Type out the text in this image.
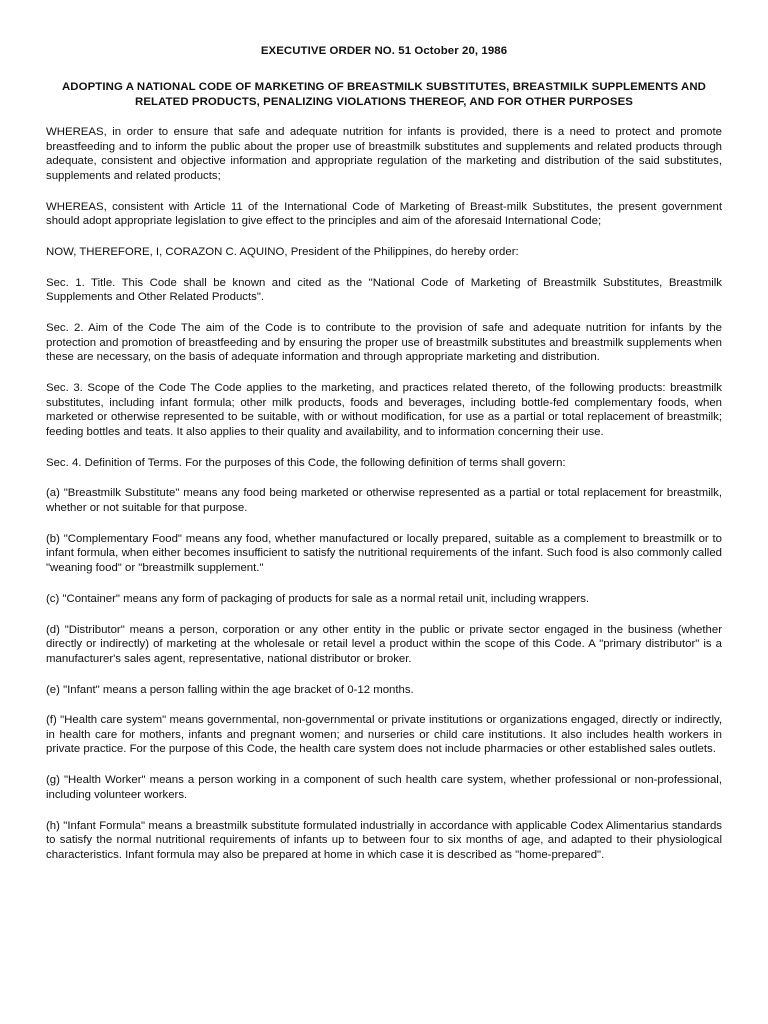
EXECUTIVE ORDER NO. 51 October 20, 1986
ADOPTING A NATIONAL CODE OF MARKETING OF BREASTMILK SUBSTITUTES, BREASTMILK SUPPLEMENTS AND RELATED PRODUCTS, PENALIZING VIOLATIONS THEREOF, AND FOR OTHER PURPOSES

WHEREAS, in order to ensure that safe and adequate nutrition for infants is provided, there is a need to protect and promote breastfeeding and to inform the public about the proper use of breastmilk substitutes and supplements and related products through adequate, consistent and objective information and appropriate regulation of the marketing and distribution of the said substitutes, supplements and related products;

WHEREAS, consistent with Article 11 of the International Code of Marketing of Breast-milk Substitutes, the present government should adopt appropriate legislation to give effect to the principles and aim of the aforesaid International Code;

NOW, THEREFORE, I, CORAZON C. AQUINO, President of the Philippines, do hereby order:

Sec. 1. Title. This Code shall be known and cited as the "National Code of Marketing of Breastmilk Substitutes, Breastmilk Supplements and Other Related Products".

Sec. 2. Aim of the Code The aim of the Code is to contribute to the provision of safe and adequate nutrition for infants by the protection and promotion of breastfeeding and by ensuring the proper use of breastmilk substitutes and breastmilk supplements when these are necessary, on the basis of adequate information and through appropriate marketing and distribution.

Sec. 3. Scope of the Code The Code applies to the marketing, and practices related thereto, of the following products: breastmilk substitutes, including infant formula; other milk products, foods and beverages, including bottle-fed complementary foods, when marketed or otherwise represented to be suitable, with or without modification, for use as a partial or total replacement of breastmilk; feeding bottles and teats. It also applies to their quality and availability, and to information concerning their use.

Sec. 4. Definition of Terms. For the purposes of this Code, the following definition of terms shall govern:

(a) "Breastmilk Substitute" means any food being marketed or otherwise represented as a partial or total replacement for breastmilk, whether or not suitable for that purpose.

(b) "Complementary Food" means any food, whether manufactured or locally prepared, suitable as a complement to breastmilk or to infant formula, when either becomes insufficient to satisfy the nutritional requirements of the infant. Such food is also commonly called "weaning food" or "breastmilk supplement."

(c) "Container" means any form of packaging of products for sale as a normal retail unit, including wrappers.

(d) "Distributor" means a person, corporation or any other entity in the public or private sector engaged in the business (whether directly or indirectly) of marketing at the wholesale or retail level a product within the scope of this Code. A "primary distributor" is a manufacturer's sales agent, representative, national distributor or broker.

(e) "Infant" means a person falling within the age bracket of 0-12 months.

(f) "Health care system" means governmental, non-governmental or private institutions or organizations engaged, directly or indirectly, in health care for mothers, infants and pregnant women; and nurseries or child care institutions. It also includes health workers in private practice. For the purpose of this Code, the health care system does not include pharmacies or other established sales outlets.

(g) "Health Worker" means a person working in a component of such health care system, whether professional or non-professional, including volunteer workers.

(h) "Infant Formula" means a breastmilk substitute formulated industrially in accordance with applicable Codex Alimentarius standards to satisfy the normal nutritional requirements of infants up to between four to six months of age, and adapted to their physiological characteristics. Infant formula may also be prepared at home in which case it is described as "home-prepared".
